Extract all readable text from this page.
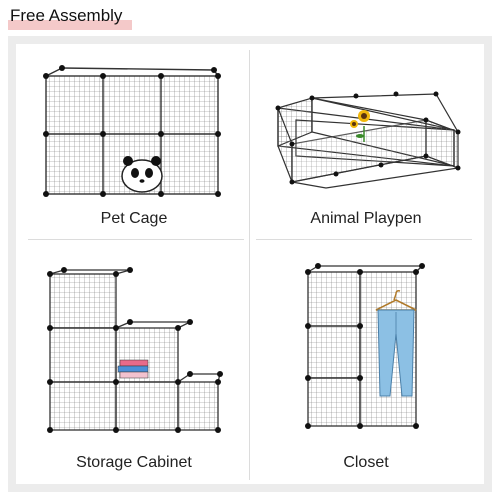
Free Assembly
Pet Cage	Animal Playpen
Storage Cabinet	Closet
